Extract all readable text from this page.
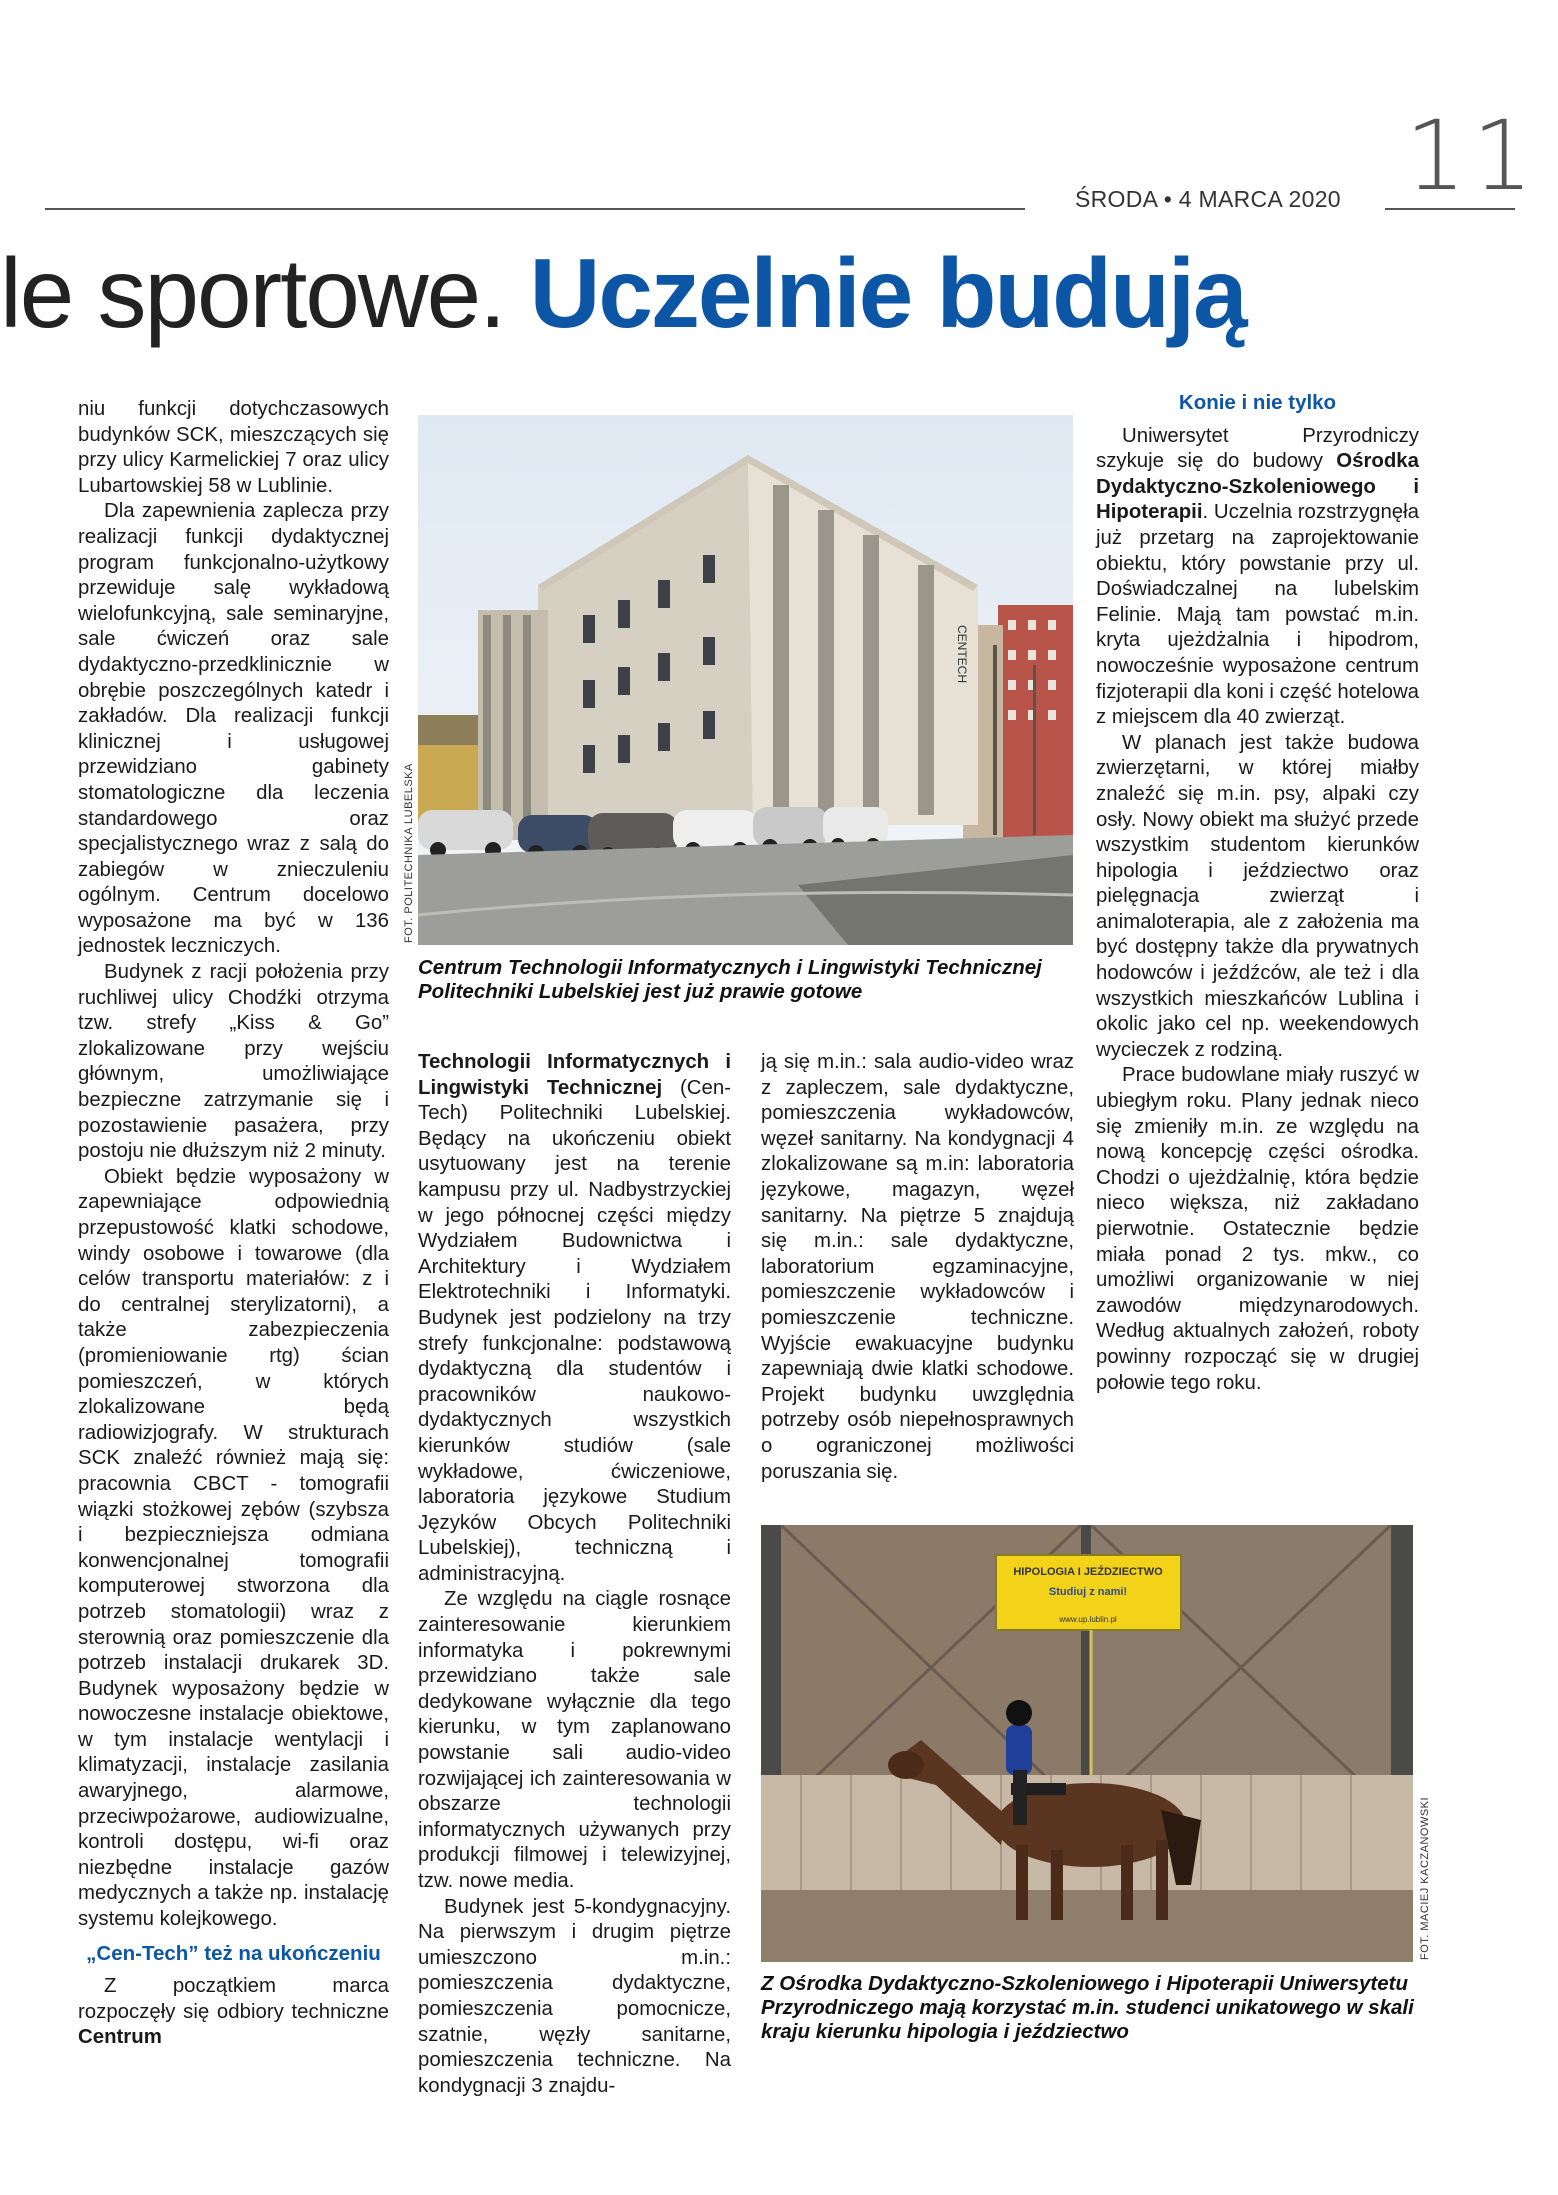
ŚRODA • 4 MARCA 2020 11
le sportowe. Uczelnie budują

niu funkcji dotychczasowych budynków SCK, mieszczących się przy ulicy Karmelickiej 7 oraz ulicy Lubartowskiej 58 w Lublinie.

Dla zapewnienia zaplecza przy realizacji funkcji dydaktycznej program funkcjonalno-użytkowy przewiduje salę wykładową wielofunkcyjną, sale seminaryjne, sale ćwiczeń oraz sale dydaktyczno-przedklinicznie w obrębie poszczególnych katedr i zakładów. Dla realizacji funkcji klinicznej i usługowej przewidziano gabinety stomatologiczne dla leczenia standardowego oraz specjalistycznego wraz z salą do zabiegów w znieczuleniu ogólnym. Centrum docelowo wyposażone ma być w 136 jednostek leczniczych.

Budynek z racji położenia przy ruchliwej ulicy Chodźki otrzyma tzw. strefy „Kiss & Go” zlokalizowane przy wejściu głównym, umożliwiające bezpieczne zatrzymanie się i pozostawienie pasażera, przy postoju nie dłuższym niż 2 minuty.

Obiekt będzie wyposażony w zapewniające odpowiednią przepustowość klatki schodowe, windy osobowe i towarowe (dla celów transportu materiałów: z i do centralnej sterylizatorni), a także zabezpieczenia (promieniowanie rtg) ścian pomieszczeń, w których zlokalizowane będą radiowizjografy. W strukturach SCK znaleźć również mają się: pracownia CBCT - tomografii wiązki stożkowej zębów (szybsza i bezpieczniejsza odmiana konwencjonalnej tomografii komputerowej stworzona dla potrzeb stomatologii) wraz z sterownią oraz pomieszczenie dla potrzeb instalacji drukarek 3D. Budynek wyposażony będzie w nowoczesne instalacje obiektowe, w tym instalacje wentylacji i klimatyzacji, instalacje zasilania awaryjnego, alarmowe, przeciwpożarowe, audiowizualne, kontroli dostępu, wi-fi oraz niezbędne instalacje gazów medycznych a także np. instalację systemu kolejkowego.

„Cen-Tech” też na ukończeniu

Z początkiem marca rozpoczęły się odbiory techniczne Centrum

CENTECH
FOT. POLITECHNIKA LUBELSKA
Centrum Technologii Informatycznych i Lingwistyki Technicznej Politechniki Lubelskiej jest już prawie gotowe

Technologii Informatycznych i Lingwistyki Technicznej (Cen-Tech) Politechniki Lubelskiej. Będący na ukończeniu obiekt usytuowany jest na terenie kampusu przy ul. Nadbystrzyckiej w jego północnej części między Wydziałem Budownictwa i Architektury i Wydziałem Elektrotechniki i Informatyki. Budynek jest podzielony na trzy strefy funkcjonalne: podstawową dydaktyczną dla studentów i pracowników naukowo-dydaktycznych wszystkich kierunków studiów (sale wykładowe, ćwiczeniowe, laboratoria językowe Studium Języków Obcych Politechniki Lubelskiej), techniczną i administracyjną.

Ze względu na ciągle rosnące zainteresowanie kierunkiem informatyka i pokrewnymi przewidziano także sale dedykowane wyłącznie dla tego kierunku, w tym zaplanowano powstanie sali audio-video rozwijającej ich zainteresowania w obszarze technologii informatycznych używanych przy produkcji filmowej i telewizyjnej, tzw. nowe media.

Budynek jest 5-kondygnacyjny. Na pierwszym i drugim piętrze umieszczono m.in.: pomieszczenia dydaktyczne, pomieszczenia pomocnicze, szatnie, węzły sanitarne, pomieszczenia techniczne. Na kondygnacji 3 znajdu-

ją się m.in.: sala audio-video wraz z zapleczem, sale dydaktyczne, pomieszczenia wykładowców, węzeł sanitarny. Na kondygnacji 4 zlokalizowane są m.in: laboratoria językowe, magazyn, węzeł sanitarny. Na piętrze 5 znajdują się m.in.: sale dydaktyczne, laboratorium egzaminacyjne, pomieszczenie wykładowców i pomieszczenie techniczne. Wyjście ewakuacyjne budynku zapewniają dwie klatki schodowe. Projekt budynku uwzględnia potrzeby osób niepełnosprawnych o ograniczonej możliwości poruszania się.

Konie i nie tylko

Uniwersytet Przyrodniczy szykuje się do budowy Ośrodka Dydaktyczno-Szkoleniowego i Hipoterapii. Uczelnia rozstrzygnęła już przetarg na zaprojektowanie obiektu, który powstanie przy ul. Doświadczalnej na lubelskim Felinie. Mają tam powstać m.in. kryta ujeżdżalnia i hipodrom, nowocześnie wyposażone centrum fizjoterapii dla koni i część hotelowa z miejscem dla 40 zwierząt.

W planach jest także budowa zwierzętarni, w której miałby znaleźć się m.in. psy, alpaki czy osły. Nowy obiekt ma służyć przede wszystkim studentom kierunków hipologia i jeździectwo oraz pielęgnacja zwierząt i animaloterapia, ale z założenia ma być dostępny także dla prywatnych hodowców i jeźdźców, ale też i dla wszystkich mieszkańców Lublina i okolic jako cel np. weekendowych wycieczek z rodziną.

Prace budowlane miały ruszyć w ubiegłym roku. Plany jednak nieco się zmieniły m.in. ze względu na nową koncepcję części ośrodka. Chodzi o ujeżdżalnię, która będzie nieco większa, niż zakładano pierwotnie. Ostatecznie będzie miała ponad 2 tys. mkw., co umożliwi organizowanie w niej zawodów międzynarodowych. Według aktualnych założeń, roboty powinny rozpocząć się w drugiej połowie tego roku.

HIPOLOGIA I JEŹDZIECTWO
Studiuj z nami!
www.up.lublin.pl
FOT. MACIEJ KACZANOWSKI
Z Ośrodka Dydaktyczno-Szkoleniowego i Hipoterapii Uniwersytetu Przyrodniczego mają korzystać m.in. studenci unikatowego w skali kraju kierunku hipologia i jeździectwo
